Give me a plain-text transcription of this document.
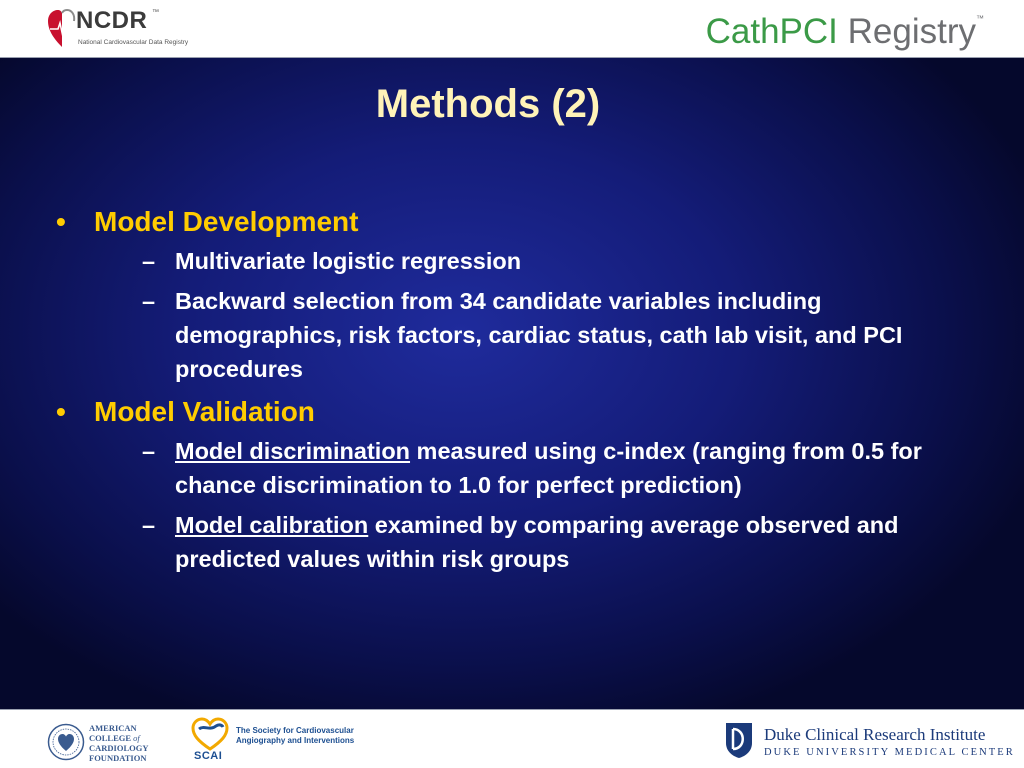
NCDR ™
National Cardiovascular Data Registry	CathPCI Registry™
Methods (2)
• Model Development
– Multivariate logistic regression
– Backward selection from 34 candidate variables including demographics, risk factors, cardiac status, cath lab visit, and PCI procedures
• Model Validation
– Model discrimination measured using c-index (ranging from 0.5 for chance discrimination to 1.0 for perfect prediction)
– Model calibration examined by comparing average observed and predicted values within risk groups
AMERICAN
COLLEGE of
CARDIOLOGY
FOUNDATION	SCAI
The Society for Cardiovascular
Angiography and Interventions	Duke Clinical Research Institute
DUKE UNIVERSITY MEDICAL CENTER
